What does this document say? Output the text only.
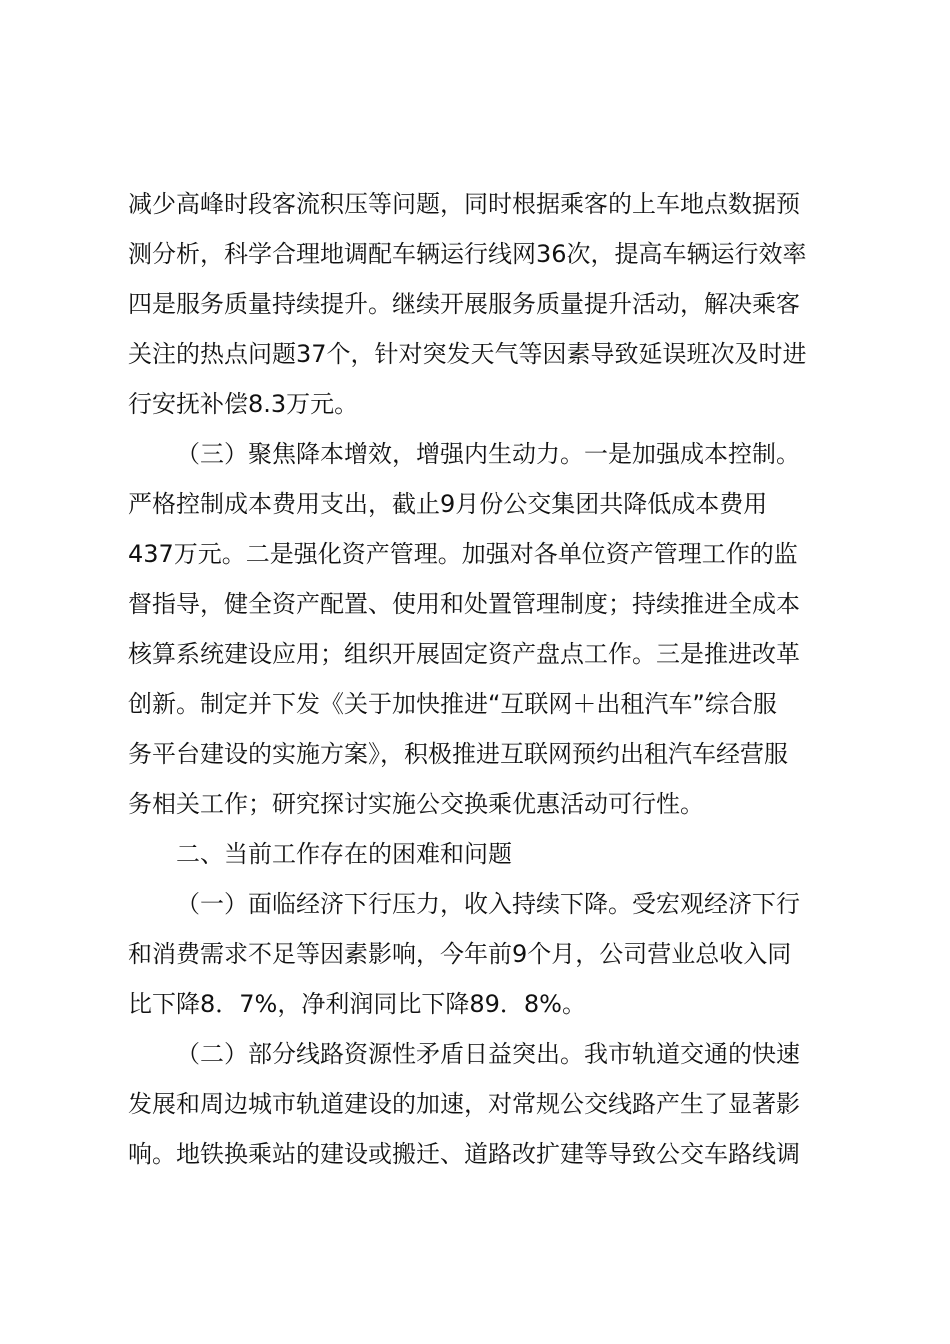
减少高峰时段客流积压等问题，同时根据乘客的上车地点数据预
测分析，科学合理地调配车辆运行线网36次，提高车辆运行效率
四是服务质量持续提升。继续开展服务质量提升活动，解决乘客
关注的热点问题37个，针对突发天气等因素导致延误班次及时进
行安抚补偿8.3万元。
（三）聚焦降本增效，增强内生动力。一是加强成本控制。
严格控制成本费用支出，截止9月份公交集团共降低成本费用
437万元。二是强化资产管理。加强对各单位资产管理工作的监
督指导，健全资产配置、使用和处置管理制度；持续推进全成本
核算系统建设应用；组织开展固定资产盘点工作。三是推进改革
创新。制定并下发《关于加快推进“互联网＋出租汽车”综合服
务平台建设的实施方案》，积极推进互联网预约出租汽车经营服
务相关工作；研究探讨实施公交换乘优惠活动可行性。
二、当前工作存在的困难和问题
（一）面临经济下行压力，收入持续下降。受宏观经济下行
和消费需求不足等因素影响，今年前9个月，公司营业总收入同
比下降8．7%，净利润同比下降89．8%。
（二）部分线路资源性矛盾日益突出。我市轨道交通的快速
发展和周边城市轨道建设的加速，对常规公交线路产生了显著影
响。地铁换乘站的建设或搬迁、道路改扩建等导致公交车路线调
